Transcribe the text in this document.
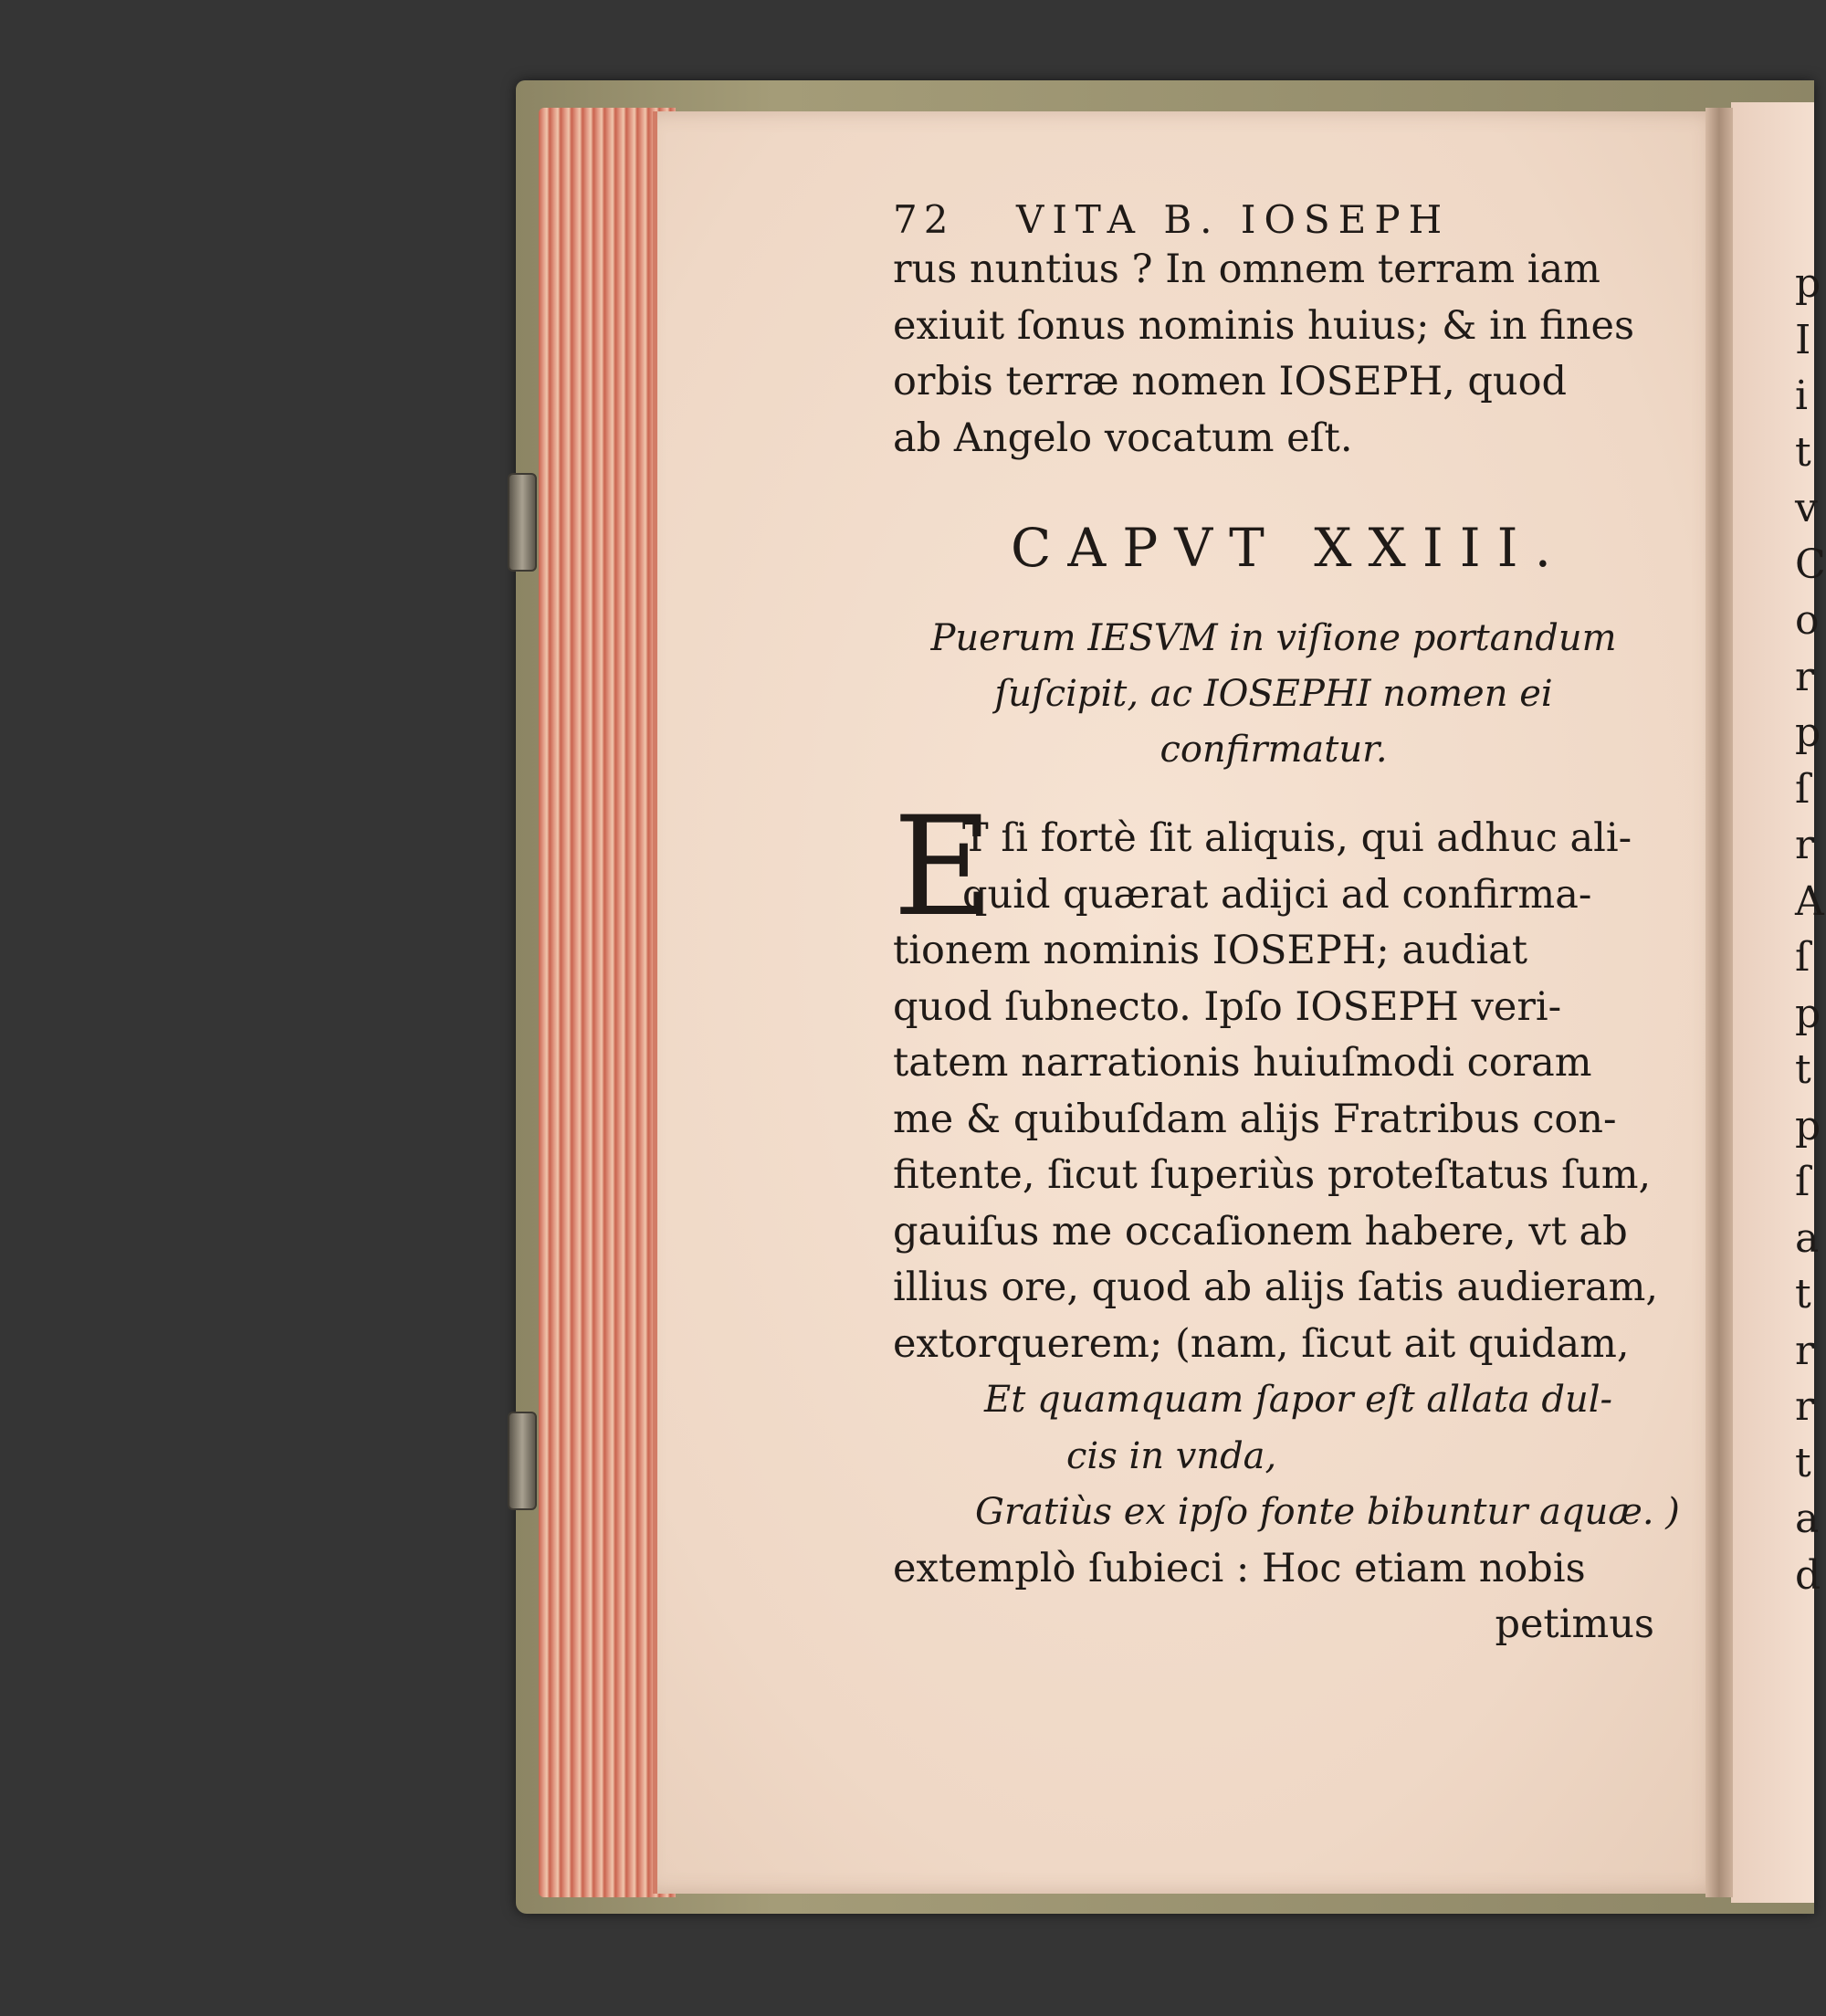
p
I
i
t
v
C
o
r
p
ſ
r
A
ſ
p
t
p
ſ
a
t
r
r
t
a
d
72	VITA B. IOSEPH
rus nuntius ? In omnem terram iam
exiuit ſonus nominis huius; & in fines
orbis terræ nomen IOSEPH, quod
ab Angelo vocatum eſt.
CAPVT XXIII.
Puerum IESVM in viſione portandum
ſuſcipit, ac IOSEPHI nomen ei
confirmatur.
E
T ſi fortè ſit aliquis, qui adhuc ali-
quid quærat adijci ad confirma-
tionem nominis IOSEPH; audiat
quod ſubnecto. Ipſo IOSEPH veri-
tatem narrationis huiuſmodi coram
me & quibuſdam alijs Fratribus con-
fitente, ſicut ſuperiùs proteſtatus ſum,
gauiſus me occaſionem habere, vt ab
illius ore, quod ab alijs ſatis audieram,
extorquerem; (nam, ſicut ait quidam,
Et quamquam ſapor eſt allata dul-
cis in vnda,
Gratiùs ex ipſo fonte bibuntur aquæ. )
extemplò ſubieci : Hoc etiam nobis
petimus
